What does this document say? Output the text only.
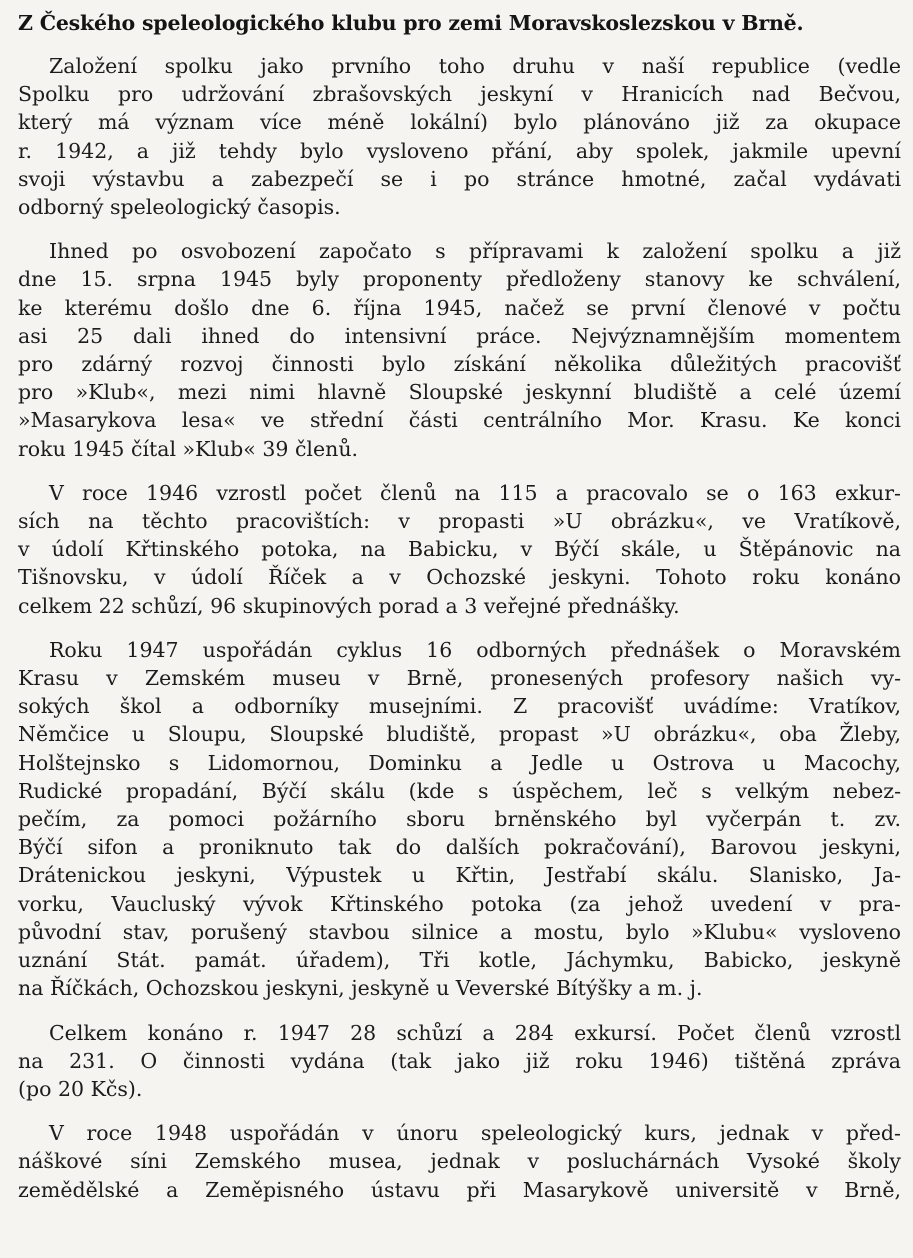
Z Českého speleologického klubu pro zemi Moravskoslezskou v Brně.
Založení spolku jako prvního toho druhu v naší republice (vedle
Spolku pro udržování zbrašovských jeskyní v Hranicích nad Bečvou,
který má význam více méně lokální) bylo plánováno již za okupace
r. 1942, a již tehdy bylo vysloveno přání, aby spolek, jakmile upevní
svoji výstavbu a zabezpečí se i po stránce hmotné, začal vydávati
odborný speleologický časopis.
Ihned po osvobození započato s přípravami k založení spolku a již
dne 15. srpna 1945 byly proponenty předloženy stanovy ke schválení,
ke kterému došlo dne 6. října 1945, načež se první členové v počtu
asi 25 dali ihned do intensivní práce. Nejvýznamnějším momentem
pro zdárný rozvoj činnosti bylo získání několika důležitých pracovišť
pro »Klub«, mezi nimi hlavně Sloupské jeskynní bludiště a celé území
»Masarykova lesa« ve střední části centrálního Mor. Krasu. Ke konci
roku 1945 čítal »Klub« 39 členů.
V roce 1946 vzrostl počet členů na 115 a pracovalo se o 163 exkur-
sích na těchto pracovištích: v propasti »U obrázku«, ve Vratíkově,
v údolí Křtinského potoka, na Babicku, v Býčí skále, u Štěpánovic na
Tišnovsku, v údolí Říček a v Ochozské jeskyni. Tohoto roku konáno
celkem 22 schůzí, 96 skupinových porad a 3 veřejné přednášky.
Roku 1947 uspořádán cyklus 16 odborných přednášek o Moravském
Krasu v Zemském museu v Brně, pronesených profesory našich vy-
sokých škol a odborníky musejními. Z pracovišť uvádíme: Vratíkov,
Němčice u Sloupu, Sloupské bludiště, propast »U obrázku«, oba Žleby,
Holštejnsko s Lidomornou, Dominku a Jedle u Ostrova u Macochy,
Rudické propadání, Býčí skálu (kde s úspěchem, leč s velkým nebez-
pečím, za pomoci požárního sboru brněnského byl vyčerpán t. zv.
Býčí sifon a proniknuto tak do dalších pokračování), Barovou jeskyni,
Drátenickou jeskyni, Výpustek u Křtin, Jestřabí skálu. Slanisko, Ja-
vorku, Vaucluský vývok Křtinského potoka (za jehož uvedení v pra-
původní stav, porušený stavbou silnice a mostu, bylo »Klubu« vysloveno
uznání Stát. památ. úřadem), Tři kotle, Jáchymku, Babicko, jeskyně
na Říčkách, Ochozskou jeskyni, jeskyně u Veverské Bítýšky a m. j.
Celkem konáno r. 1947 28 schůzí a 284 exkursí. Počet členů vzrostl
na 231. O činnosti vydána (tak jako již roku 1946) tištěná zpráva
(po 20 Kčs).
V roce 1948 uspořádán v únoru speleologický kurs, jednak v před-
náškové síni Zemského musea, jednak v posluchárnách Vysoké školy
zemědělské a Zeměpisného ústavu při Masarykově universitě v Brně,
